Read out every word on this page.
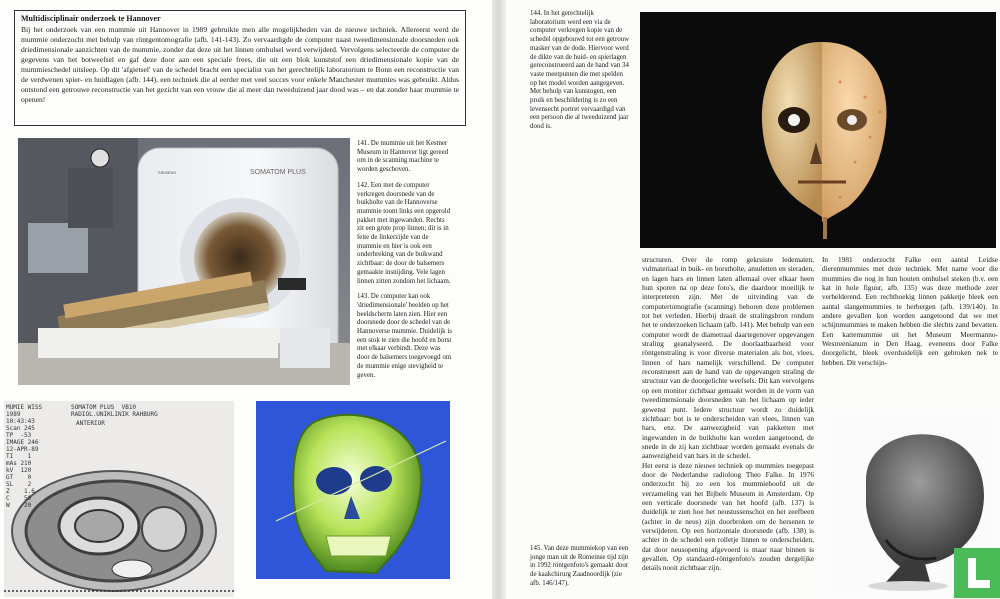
Multidisciplinair onderzoek te Hannover
Bij het onderzoek van een mummie uit Hannover in 1989 gebruikte men alle mogelijkheden van de nieuwe techniek. Allereerst werd de mummie onderzocht met behulp van röntgentomografie (afb. 141-143). Zo vervaardigde de computer naast tweedimensionale doorsneden ook driedimensionale aanzichten van de mummie, zonder dat deze uit het linnen omhulsel werd verwijderd. Vervolgens selecteerde de computer de gegevens van het botweefsel en gaf deze door aan een speciale frees, die uit een blok kunststof een driedimensionale kopie van de mummieschedel uitsleep. Op dit 'afgietsel' van de schedel bracht een specialist van het gerechtelijk laboratorium te Bonn een reconstructie van de verdwenen spier- en huidlagen (afb. 144), een techniek die al eerder met veel succes voor enkele Manchester mummies was gebruikt. Aldus ontstond een getrouwe reconstructie van het gezicht van een vrouw die al meer dan tweeduizend jaar dood was – en dat zonder haar mummie te openen!
SOMATOM PLUS
SIEMENS

141. De mummie uit het Kestner Museum in Hannover ligt gereed om in de scanning machine te worden geschoven.

142. Een met de computer verkregen doorsnede van de buikholte van de Hannoverse mummie toont links een opgerold pakket met ingewanden. Rechts zit een grote prop linnen; dit is in feite de linkerzijde van de mummie en hier is ook een onderbreking van de buikwand zichtbaar: de door de balsemers gemaakte insnijding. Vele lagen linnen zitten zondom het lichaam.

143. De computer kan ook 'driedimensionale' beelden op het beeldscherm laten zien. Hier een doorsnede door de schedel van de Hannoverse mummie. Duidelijk is een stok te zien die hoofd en borst met elkaar verbindt. Deze was door de balsemers toegevoegd om de mummie enige stevigheid te geven.

MUMIE WISS        SOMATOM PLUS  VB10
1989              RADIOL.UNIKLINIK RAHBURG
10:43:43
Scan 245
TP  -53
IMAGE 246
12-APR-89
TI    1
mAs 210
kV  120
GT    0
SL    2
Z    1.6
C    50
W   -20
ANTERIOR
144. In het gerechtelijk laboratorium werd een via de computer verkregen kopie van de schedel opgebouwd tot een getrouw masker van de dode. Hiervoor werd de dikte van de huid- en spierlagen gereconstrueerd aan de hand van 34 vaste meetpunten die met spelden op het model worden aangegeven. Met behulp van kunstogen, een pruik en beschildering is zo een levensecht portret vervaardigd van een persoon die al tweeduizend jaar dood is.

structuren. Over de romp gekruiste ledematen, vulmateriaal in buik- en borstholte, amuletten en sieraden, en lagen hars en linnen laten allemaal over elkaar heen hun sporen na op deze foto's, die daardoor moeilijk te interpreteren zijn. Met de uitvinding van de computertomografie (scanning) behoren deze problemen tot het verleden. Hierbij draait de stralingsbron rondom het te onderzoeken lichaam (afb. 141). Met behulp van een computer wordt de diametraal daartegenover opgevangen straling geanalyseerd. De doorlaatbaarheid voor röntgenstraling is voor diverse materialen als bot, vlees, linnen of hars namelijk verschillend. De computer reconstrueert aan de hand van de opgevangen straling de structuur van de doorgelichte weefsels. Dit kan vervolgens op een monitor zichtbaar gemaakt worden in de vorm van tweedimensionale doorsneden van het lichaam op ieder gewenst punt. Iedere structuur wordt zo duidelijk zichtbaar: bot is te onderscheiden van vlees, linnen van hars, enz. De aanwezigheid van pakketten met ingewanden in de buikholte kan worden aangetoond, de snede in de zij kan zichtbaar worden gemaakt evenals de aanwezigheid van hars in de schedel.

Het eerst is deze nieuwe techniek op mummies toegepast door de Nederlandse radioloog Theo Falke. In 1976 onderzocht hij zo een los mummiehoofd uit de verzameling van het Bijbels Museum in Amsterdam. Op een verticale doorsnede van het hoofd (afb. 137) is duidelijk te zien hoe het neustussenschot en het zeefbeen (achter in de neus) zijn doorbroken om de hersenen te verwijderen. Op een horizontale doorsnede (afb. 138) is achter in de schedel een rolletje linnen te onderscheiden, dat door neusopening afgevoerd is maar naar binnen is gevallen. Op standaard-röntgenfoto's zouden dergelijke details nooit zichtbaar zijn.

In 1981 onderzocht Falke een aantal Leidse dierenmummies met deze techniek. Met name voor die mummies die nog in hun houten omhulsel steken (b.v. een kat in hole figuur, afb. 135) was deze methode zeer verhelderend. Een rechthoekig linnen pakketje bleek een aantal slangemummies te herbergen (afb. 139/140). In andere gevallen kon worden aangetoond dat we met schijnmummies te maken hebben die slechts zand bevatten. Een kattemummie uit het Museum Meermanno-Westreenianum in Den Haag, eveneens door Falke doorgelicht, bleek overduidelijk een gebroken nek te hebben. Dit verschijn-

145. Van deze mummiekop van een jonge man uit de Romeinse tijd zijn in 1992 röntgenfoto's gemaakt door de kaakchirurg Zaadnoordijk (zie afb. 146/147).
